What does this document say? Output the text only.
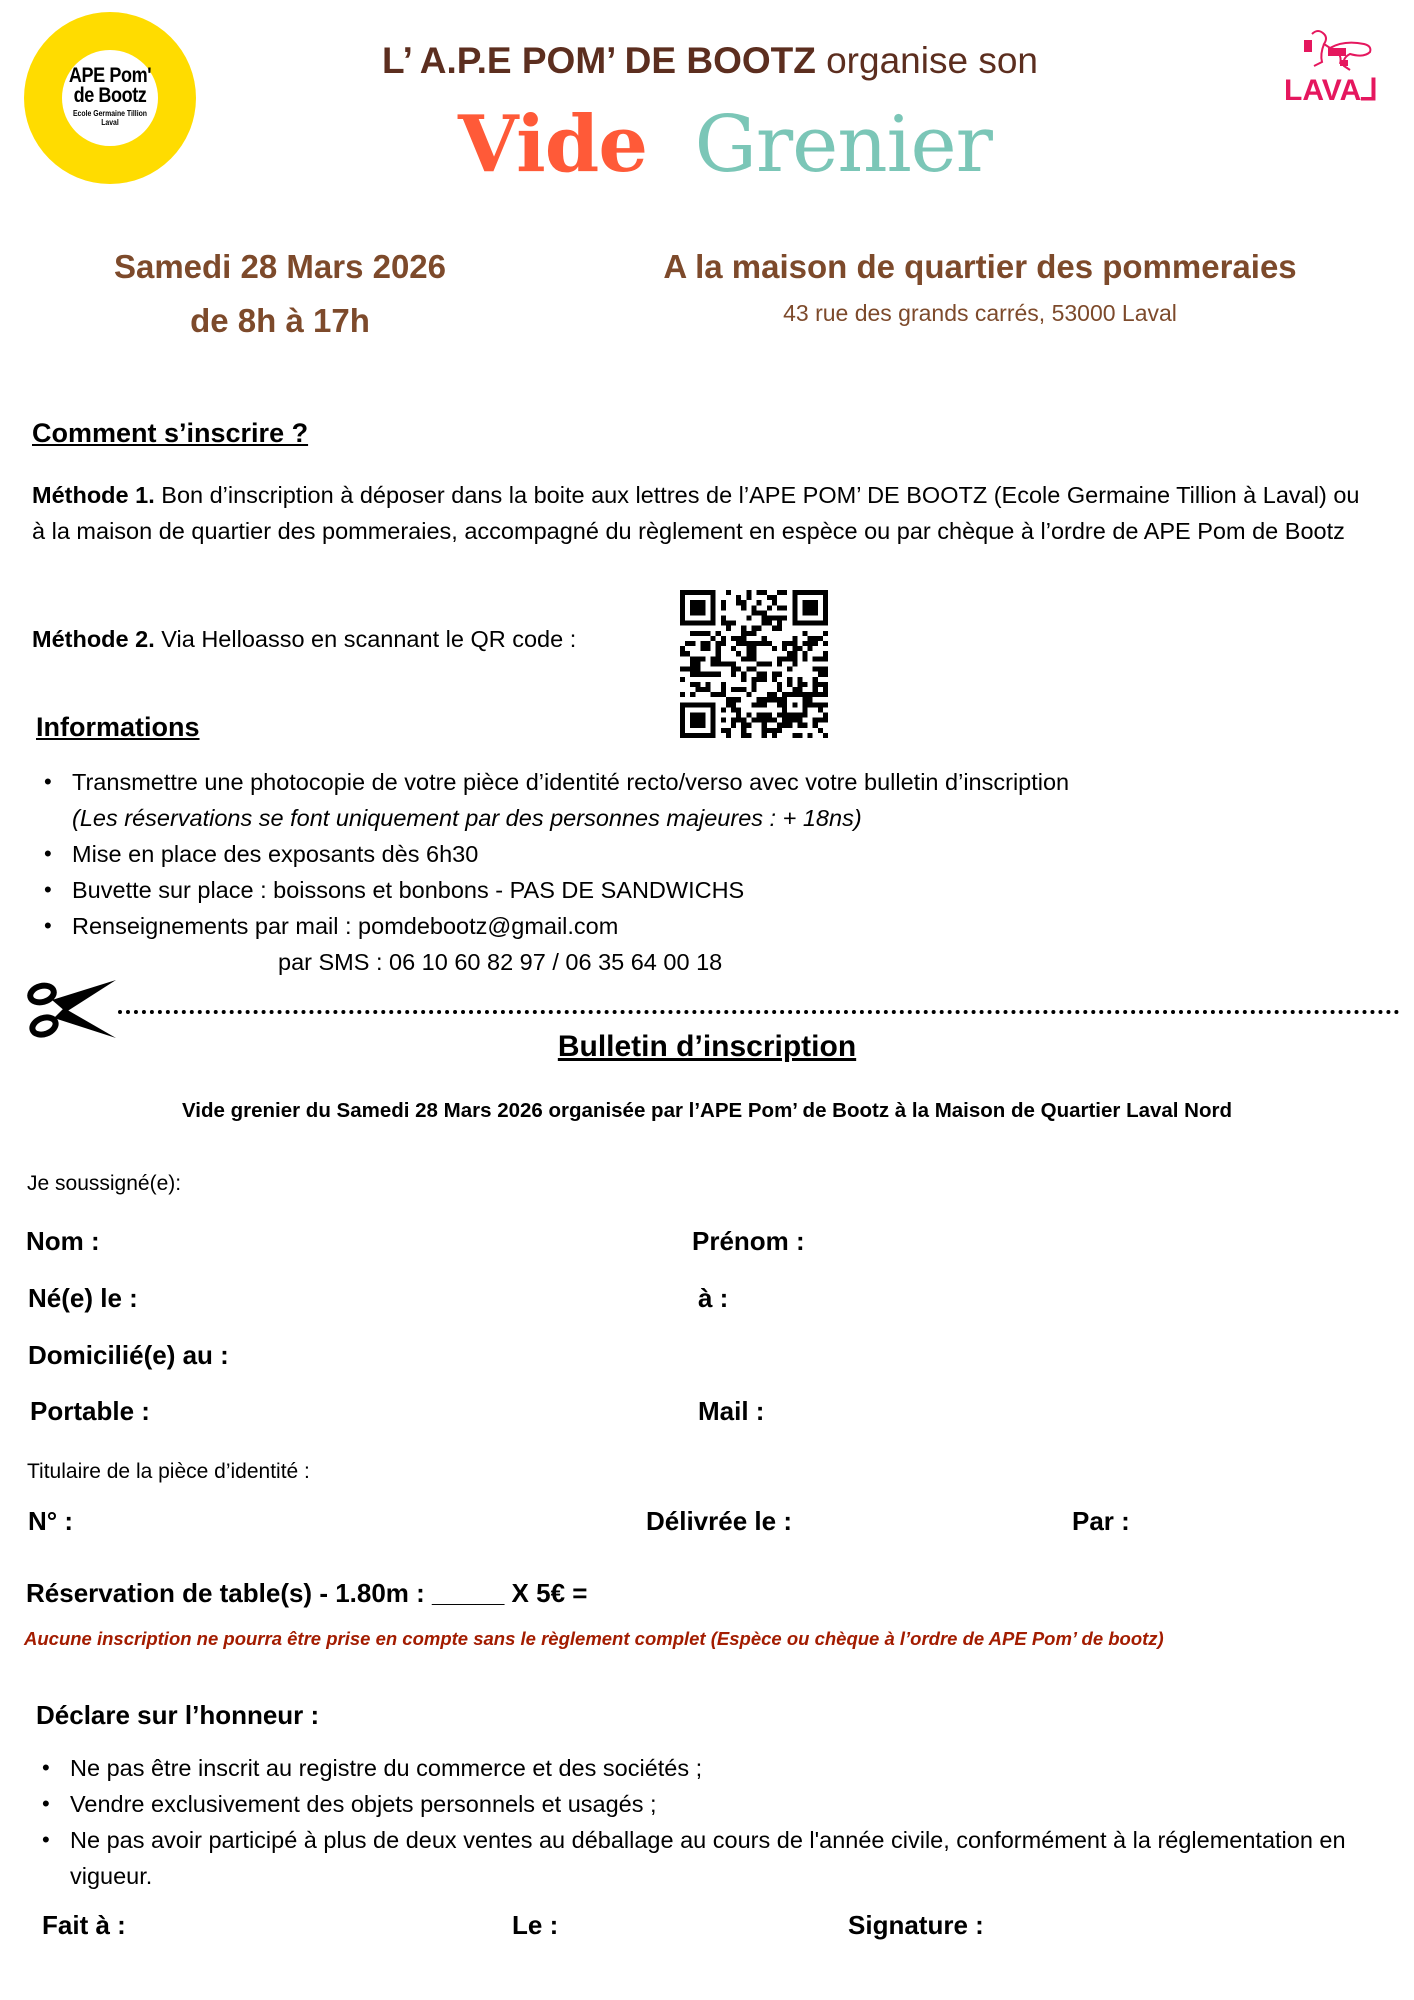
APE Pom'
de Bootz
Ecole Germaine Tillion
Laval
L’ A.P.E POM’ DE BOOTZ organise son
Vide Grenier
LAVA⅃
Samedi 28 Mars 2026
de 8h à 17h
A la maison de quartier des pommeraies
43 rue des grands carrés, 53000 Laval
Comment s’inscrire ?
Méthode 1. Bon d’inscription à déposer dans la boite aux lettres de l’APE POM’ DE BOOTZ (Ecole Germaine Tillion à Laval) ou à la maison de quartier des pommeraies, accompagné du règlement en espèce ou par chèque à l’ordre de APE Pom de Bootz
Méthode 2. Via Helloasso en scannant le QR code :
Informations
• Transmettre une photocopie de votre pièce d’identité recto/verso avec votre bulletin d’inscription
(Les réservations se font uniquement par des personnes majeures : + 18ns)
• Mise en place des exposants dès 6h30
• Buvette sur place : boissons et bonbons - PAS DE SANDWICHS
• Renseignements par mail : pomdebootz@gmail.com
par SMS : 06 10 60 82 97 / 06 35 64 00 18
Bulletin d’inscription
Vide grenier du Samedi 28 Mars 2026 organisée par l’APE Pom’ de Bootz à la Maison de Quartier Laval Nord
Je soussigné(e):
Nom :	Prénom :
Né(e) le :	à :
Domicilié(e) au :
Portable :	Mail :
Titulaire de la pièce d’identité :
N° :	Délivrée le :	Par :
Réservation de table(s) - 1.80m : _____ X 5€ =
Aucune inscription ne pourra être prise en compte sans le règlement complet (Espèce ou chèque à l’ordre de APE Pom’ de bootz)
Déclare sur l’honneur :
• Ne pas être inscrit au registre du commerce et des sociétés ;
• Vendre exclusivement des objets personnels et usagés ;
• Ne pas avoir participé à plus de deux ventes au déballage au cours de l'année civile, conformément à la réglementation en vigueur.
Fait à :	Le :	Signature :
